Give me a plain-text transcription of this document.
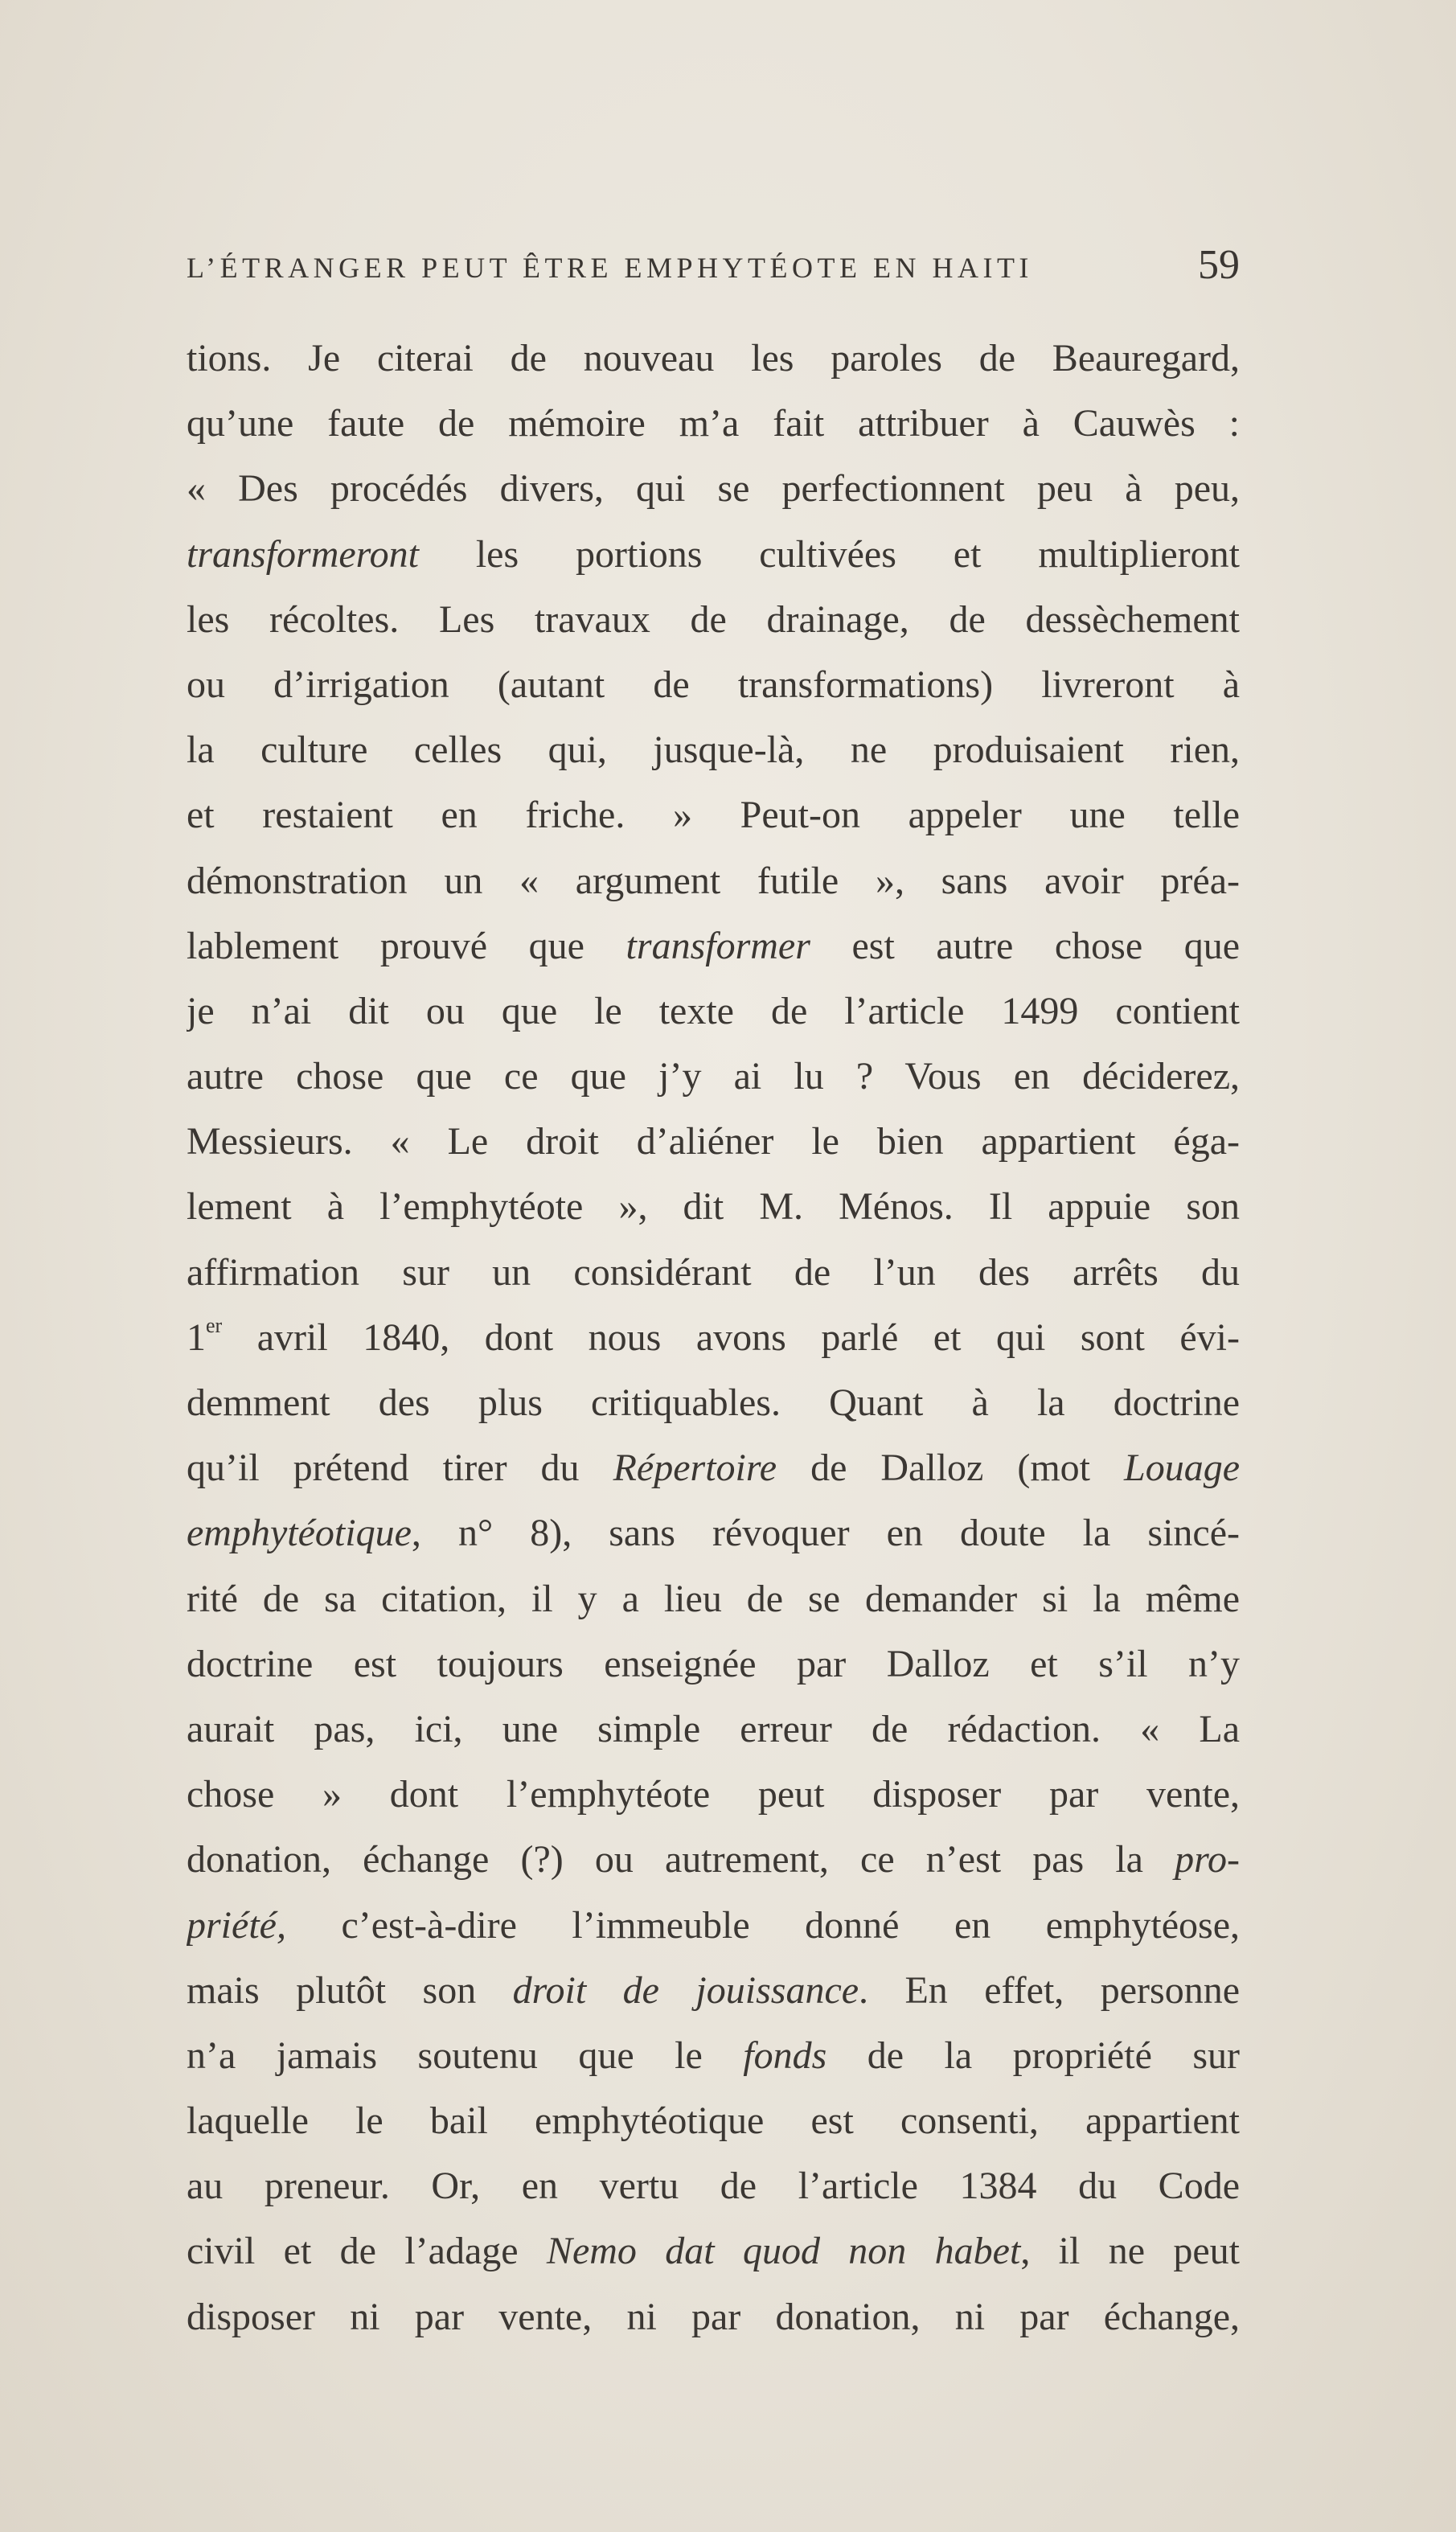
L’ÉTRANGER PEUT ÊTRE EMPHYTÉOTE EN HAITI	59
tions. Je citerai de nouveau les paroles de Beauregard,
qu’une faute de mémoire m’a fait attribuer à Cauwès :
« Des procédés divers, qui se perfectionnent peu à peu,
transformeront les portions cultivées et multiplieront
les récoltes. Les travaux de drainage, de dessèchement
ou d’irrigation (autant de transformations) livreront à
la culture celles qui, jusque-là, ne produisaient rien,
et restaient en friche. » Peut-on appeler une telle
démonstration un « argument futile », sans avoir préa-
lablement prouvé que transformer est autre chose que
je n’ai dit ou que le texte de l’article 1499 contient
autre chose que ce que j’y ai lu ? Vous en déciderez,
Messieurs. « Le droit d’aliéner le bien appartient éga-
lement à l’emphytéote », dit M. Ménos. Il appuie son
affirmation sur un considérant de l’un des arrêts du
1er avril 1840, dont nous avons parlé et qui sont évi-
demment des plus critiquables. Quant à la doctrine
qu’il prétend tirer du Répertoire de Dalloz (mot Louage
emphytéotique, n° 8), sans révoquer en doute la sincé-
rité de sa citation, il y a lieu de se demander si la même
doctrine est toujours enseignée par Dalloz et s’il n’y
aurait pas, ici, une simple erreur de rédaction. « La
chose » dont l’emphytéote peut disposer par vente,
donation, échange (?) ou autrement, ce n’est pas la pro-
priété, c’est-à-dire l’immeuble donné en emphytéose,
mais plutôt son droit de jouissance. En effet, personne
n’a jamais soutenu que le fonds de la propriété sur
laquelle le bail emphytéotique est consenti, appartient
au preneur. Or, en vertu de l’article 1384 du Code
civil et de l’adage Nemo dat quod non habet, il ne peut
disposer ni par vente, ni par donation, ni par échange,
